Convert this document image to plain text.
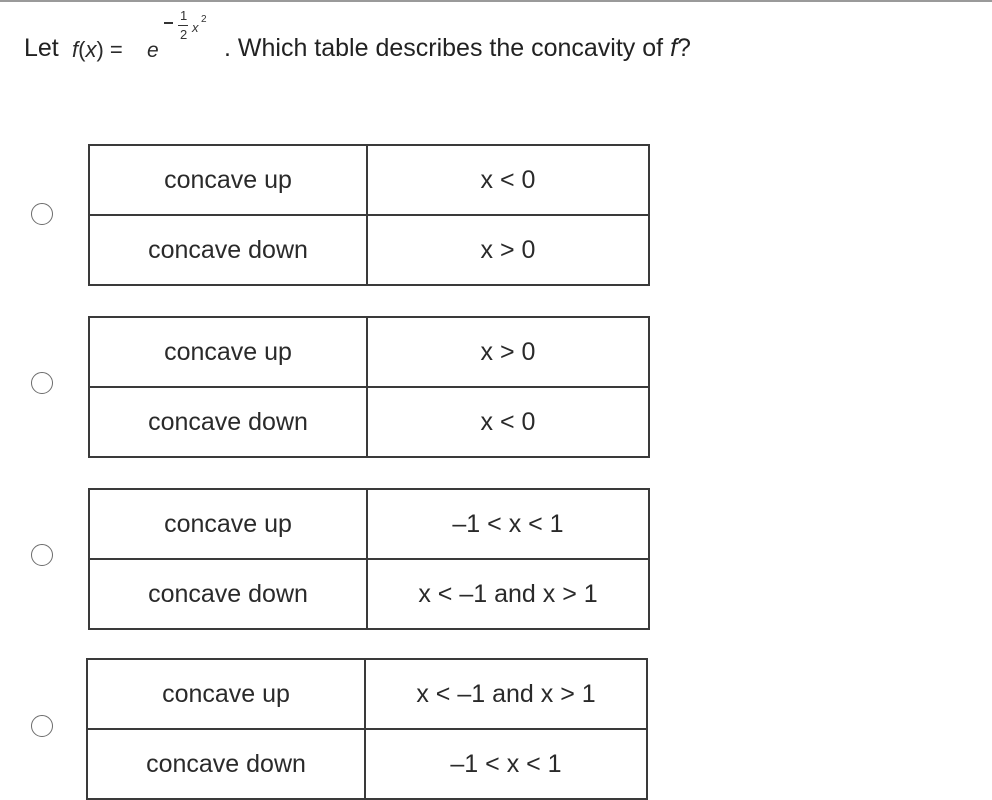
Let f(x) = e
1
2 x
2
. Which table describes the concavity of f?
concave up	x < 0
concave down	x > 0
concave up	x > 0
concave down	x < 0
concave up	–1 < x < 1
concave down	x < –1 and x > 1
concave up	x < –1 and x > 1
concave down	–1 < x < 1
